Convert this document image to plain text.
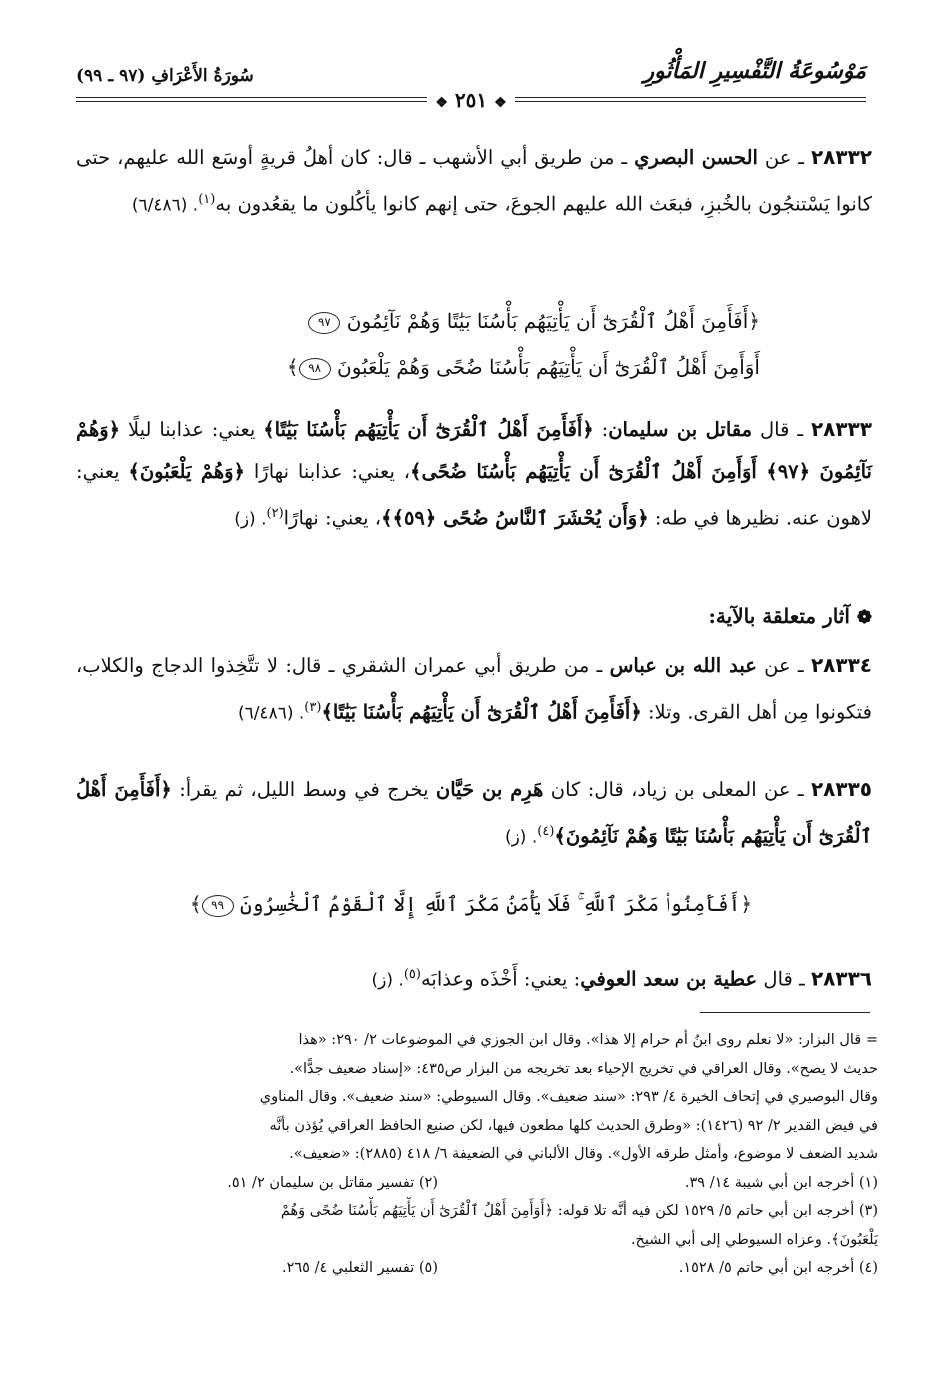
مَوْسُوعَةُ التَّفْسِيرِ المَأْثُورِ
سُورَةُ الأَعْرَافِ (٩٧ ـ ٩٩)
❖ ٢٥١ ❖
٢٨٣٣٢ ـ عن الحسن البصري ـ من طريق أبي الأشهب ـ قال: كان أهلُ قريةٍ أوسَع الله عليهم، حتى كانوا يَسْتنجُون بالخُبزِ، فبعَث الله عليهم الجوعَ، حتى إنهم كانوا يأكُلون ما يقعُدون به$^{(١)}$. (٦/٤٨٦)
﴿أَفَأَمِنَ أَهْلُ ٱلْقُرَىٰٓ أَن يَأْتِيَهُم بَأْسُنَا بَيَٰتًا وَهُمْ نَآئِمُونَ ٩٧
أَوَأَمِنَ أَهْلُ ٱلْقُرَىٰٓ أَن يَأْتِيَهُم بَأْسُنَا ضُحًى وَهُمْ يَلْعَبُونَ ٩٨﴾
٢٨٣٣٣ ـ قال مقاتل بن سليمان: ﴿أَفَأَمِنَ أَهْلُ ٱلْقُرَىٰٓ أَن يَأْتِيَهُم بَأْسُنَا بَيَٰتًا﴾ يعني: عذابنا ليلًا ﴿وَهُمْ نَآئِمُونَ ﴿٩٧﴾ أَوَأَمِنَ أَهْلُ ٱلْقُرَىٰٓ أَن يَأْتِيَهُم بَأْسُنَا ضُحًى﴾، يعني: عذابنا نهارًا ﴿وَهُمْ يَلْعَبُونَ﴾ يعني: لاهون عنه. نظيرها في طه: ﴿وَأَن يُحْشَرَ ٱلنَّاسُ ضُحًى ﴿٥٩﴾﴾، يعني: نهارًا$^{(٢)}$. (ز)
❁ آثار متعلقة بالآية:
٢٨٣٣٤ ـ عن عبد الله بن عباس ـ من طريق أبي عمران الشقري ـ قال: لا تتَّخِذوا الدجاج والكلاب، فتكونوا مِن أهل القرى. وتلا: ﴿أَفَأَمِنَ أَهْلُ ٱلْقُرَىٰٓ أَن يَأْتِيَهُم بَأْسُنَا بَيَٰتًا﴾$^{(٣)}$. (٦/٤٨٦)
٢٨٣٣٥ ـ عن المعلى بن زياد، قال: كان هَرِم بن حَيَّان يخرج في وسط الليل، ثم يقرأ: ﴿أَفَأَمِنَ أَهْلُ ٱلْقُرَىٰٓ أَن يَأْتِيَهُم بَأْسُنَا بَيَٰتًا وَهُمْ نَآئِمُونَ﴾$^{(٤)}$. (ز)
﴿أَفَأَمِنُوا۟ مَكْرَ ٱللَّهِ ۚ فَلَا يَأْمَنُ مَكْرَ ٱللَّهِ إِلَّا ٱلْقَوْمُ ٱلْخَٰسِرُونَ ٩٩﴾
٢٨٣٣٦ ـ قال عطية بن سعد العوفي: يعني: أَخْذَه وعذابَه$^{(٥)}$. (ز)
= قال البزار: «لا نعلم روى ابنُ أم حرام إلا هذا». وقال ابن الجوزي في الموضوعات ٢/ ٢٩٠: «هذا
حديث لا يصح». وقال العراقي في تخريج الإحياء بعد تخريجه من البزار ص٤٣٥: «إسناد ضعيف جدًّا».
وقال البوصيري في إتحاف الخيرة ٤/ ٢٩٣: «سند ضعيف». وقال السيوطي: «سند ضعيف». وقال المناوي
في فيض القدير ٢/ ٩٢ (١٤٢٦): «وطرق الحديث كلها مطعون فيها، لكن صنيع الحافظ العراقي يُؤذن بأنَّه
شديد الضعف لا موضوع، وأمثل طرقه الأول». وقال الألباني في الضعيفة ٦/ ٤١٨ (٢٨٨٥): «ضعيف».
(١) أخرجه ابن أبي شيبة ١٤/ ٣٩.
(٢) تفسير مقاتل بن سليمان ٢/ ٥١.
(٣) أخرجه ابن أبي حاتم ٥/ ١٥٢٩ لكن فيه أنَّه تلا قوله: ﴿أَوَأَمِنَ أَهْلُ ٱلْقُرَىٰٓ أَن يَأْتِيَهُم بَأْسُنَا ضُحًى وَهُمْ
يَلْعَبُونَ﴾. وعزاه السيوطي إلى أبي الشيخ.
(٤) أخرجه ابن أبي حاتم ٥/ ١٥٢٨.
(٥) تفسير الثعلبي ٤/ ٢٦٥.
